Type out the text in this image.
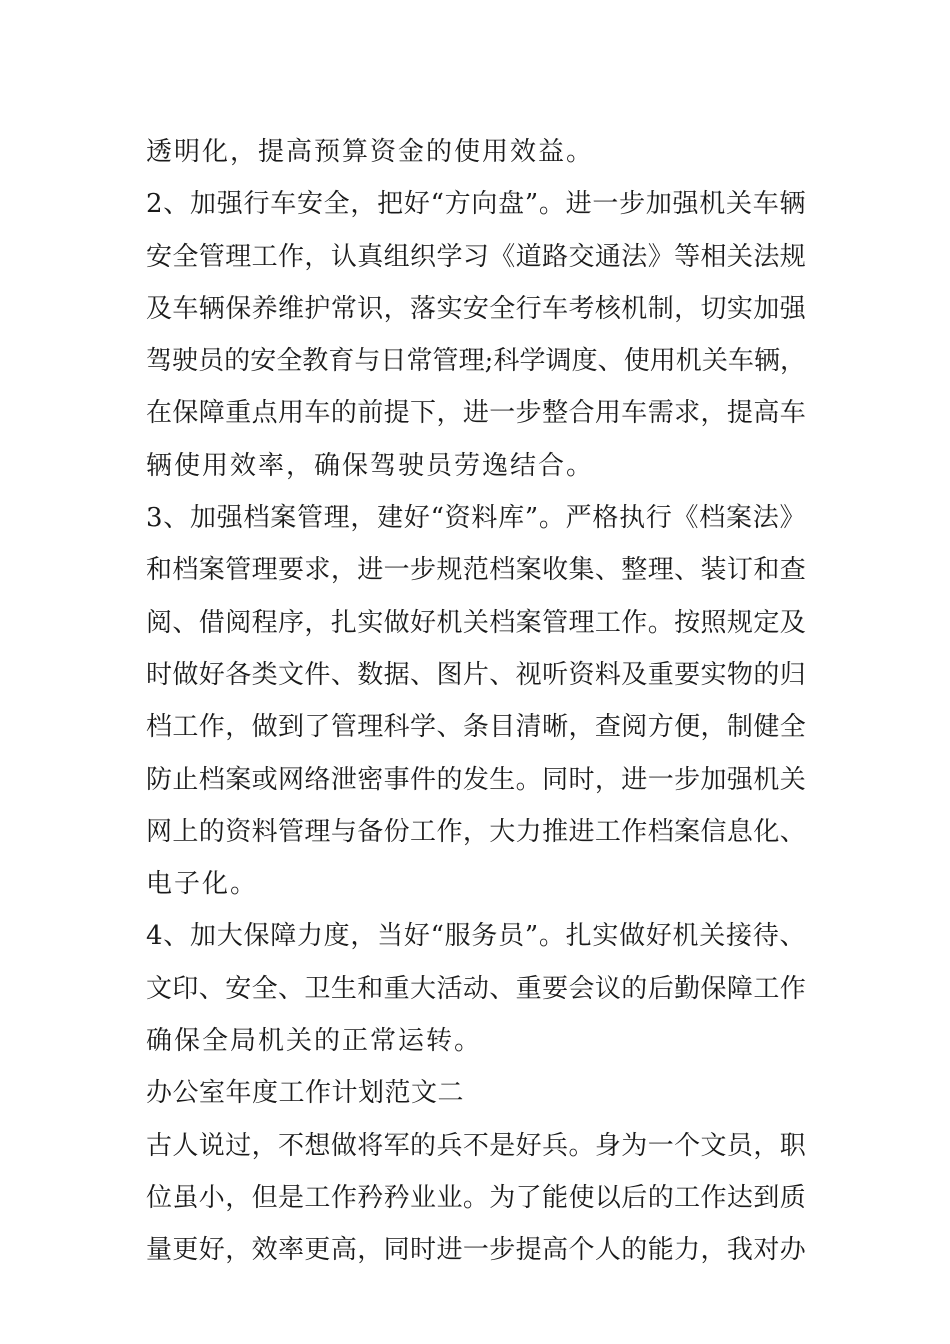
透明化，提高预算资金的使用效益。
2、加强行车安全，把好“方向盘”。进一步加强机关车辆
安全管理工作，认真组织学习《道路交通法》等相关法规
及车辆保养维护常识，落实安全行车考核机制，切实加强
驾驶员的安全教育与日常管理;科学调度、使用机关车辆，
在保障重点用车的前提下，进一步整合用车需求，提高车
辆使用效率，确保驾驶员劳逸结合。
3、加强档案管理，建好“资料库”。严格执行《档案法》
和档案管理要求，进一步规范档案收集、整理、装订和查
阅、借阅程序，扎实做好机关档案管理工作。按照规定及
时做好各类文件、数据、图片、视听资料及重要实物的归
档工作，做到了管理科学、条目清晰，查阅方便，制健全
防止档案或网络泄密事件的发生。同时，进一步加强机关
网上的资料管理与备份工作，大力推进工作档案信息化、
电子化。
4、加大保障力度，当好“服务员”。扎实做好机关接待、
文印、安全、卫生和重大活动、重要会议的后勤保障工作
确保全局机关的正常运转。
办公室年度工作计划范文二
古人说过，不想做将军的兵不是好兵。身为一个文员，职
位虽小，但是工作矜矜业业。为了能使以后的工作达到质
量更好，效率更高，同时进一步提高个人的能力，我对办
